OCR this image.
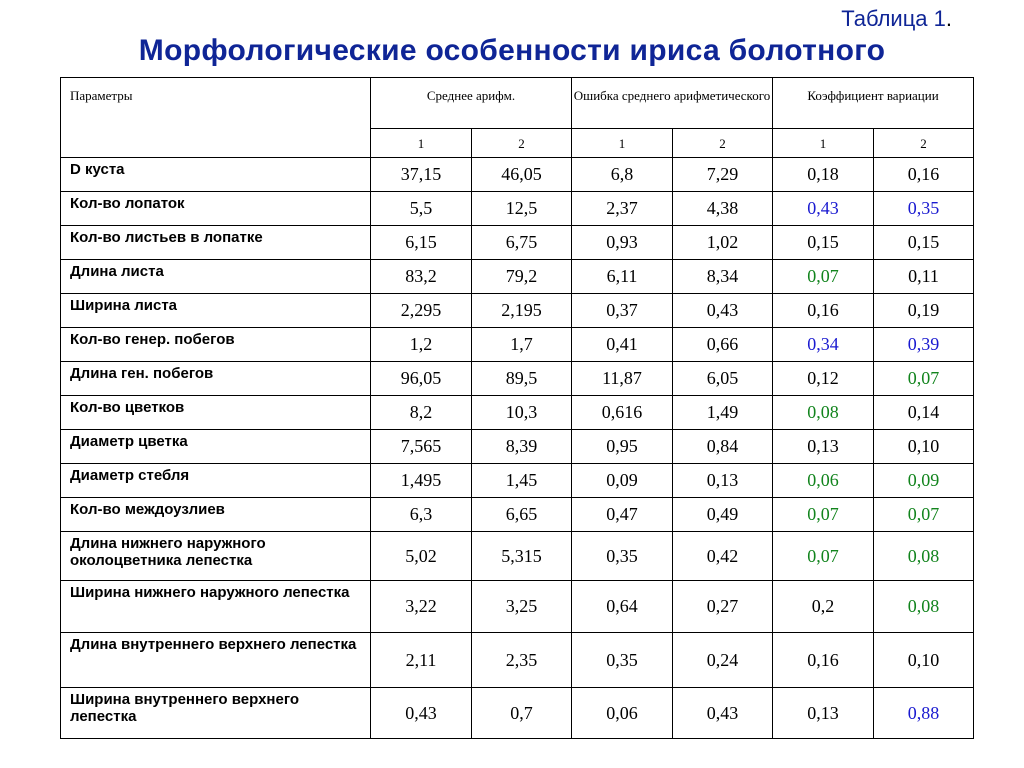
Таблица 1.
Морфологические особенности ириса болотного
Параметры	Среднее арифм.		Ошибка среднего арифметического		Коэффициент вариации	
	1	2	1	2	1	2
D куста	37,15	46,05	6,8	7,29	0,18	0,16
Кол-во лопаток	5,5	12,5	2,37	4,38	0,43	0,35
Кол-во листьев в лопатке	6,15	6,75	0,93	1,02	0,15	0,15
Длина листа	83,2	79,2	6,11	8,34	0,07	0,11
Ширина листа	2,295	2,195	0,37	0,43	0,16	0,19
Кол-во генер. побегов	1,2	1,7	0,41	0,66	0,34	0,39
Длина ген. побегов	96,05	89,5	11,87	6,05	0,12	0,07
Кол-во цветков	8,2	10,3	0,616	1,49	0,08	0,14
Диаметр цветка	7,565	8,39	0,95	0,84	0,13	0,10
Диаметр стебля	1,495	1,45	0,09	0,13	0,06	0,09
Кол-во междоузлиев	6,3	6,65	0,47	0,49	0,07	0,07
Длина нижнего наружного околоцветника лепестка	5,02	5,315	0,35	0,42	0,07	0,08
Ширина нижнего наружного лепестка	3,22	3,25	0,64	0,27	0,2	0,08
Длина внутреннего верхнего лепестка	2,11	2,35	0,35	0,24	0,16	0,10
Ширина внутреннего верхнего лепестка	0,43	0,7	0,06	0,43	0,13	0,88
